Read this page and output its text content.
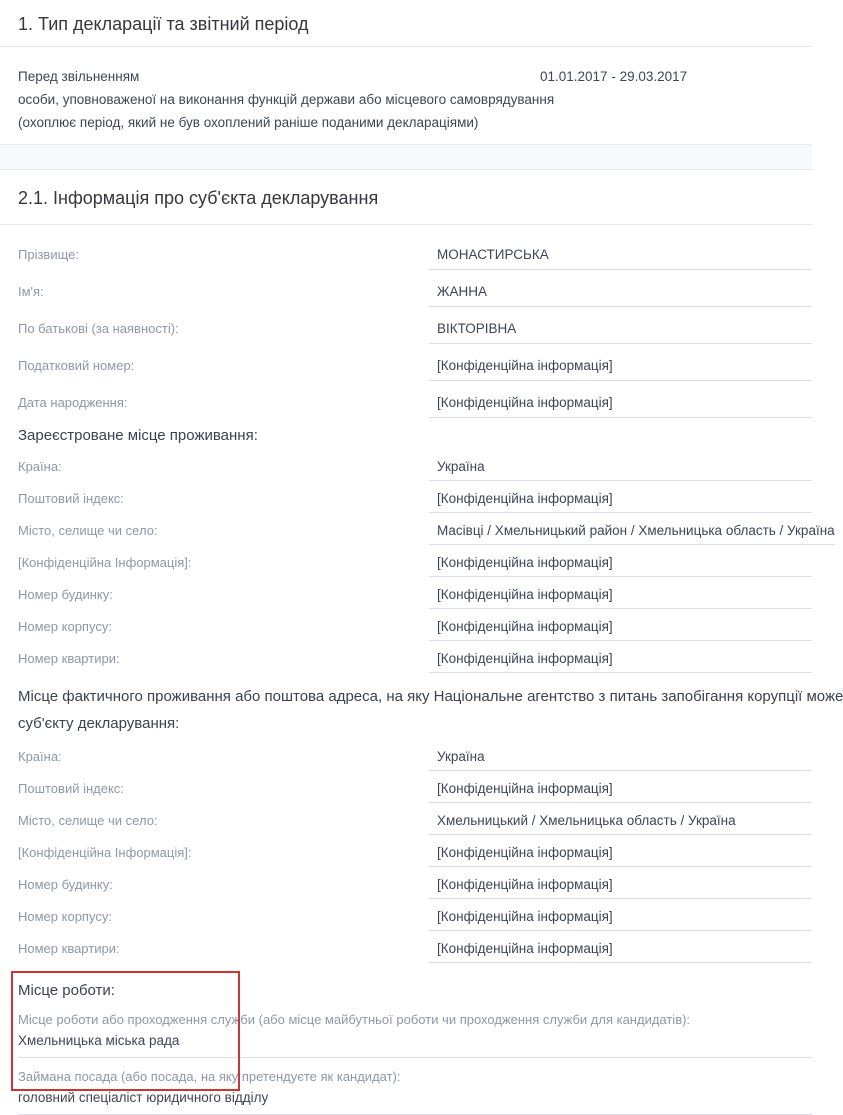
1. Тип декларації та звітний період
Перед звільненням
особи, уповноваженої на виконання функцій держави або місцевого самоврядування
(охоплює період, який не був охоплений раніше поданими деклараціями)
01.01.2017 - 29.03.2017
2.1. Інформація про суб'єкта декларування
Прізвище:	МОНАСТИРСЬКА
Ім'я:	ЖАННА
По батькові (за наявності):	ВІКТОРІВНА
Податковий номер:	[Конфіденційна інформація]
Дата народження:	[Конфіденційна інформація]
Зареєстроване місце проживання:
Країна:	Україна
Поштовий індекс:	[Конфіденційна інформація]
Місто, селище чи село:	Масівці / Хмельницький район / Хмельницька область / Україна
[Конфіденційна Інформація]:	[Конфіденційна інформація]
Номер будинку:	[Конфіденційна інформація]
Номер корпусу:	[Конфіденційна інформація]
Номер квартири:	[Конфіденційна інформація]
Місце фактичного проживання або поштова адреса, на яку Національне агентство з питань запобігання корупції може
суб'єкту декларування:
Країна:	Україна
Поштовий індекс:	[Конфіденційна інформація]
Місто, селище чи село:	Хмельницький / Хмельницька область / Україна
[Конфіденційна Інформація]:	[Конфіденційна інформація]
Номер будинку:	[Конфіденційна інформація]
Номер корпусу:	[Конфіденційна інформація]
Номер квартири:	[Конфіденційна інформація]
Місце роботи:
Місце роботи або проходження служби (або місце майбутньої роботи чи проходження служби для кандидатів):
Хмельницька міська рада
Займана посада (або посада, на яку претендуєте як кандидат):
головний спеціаліст юридичного відділу
